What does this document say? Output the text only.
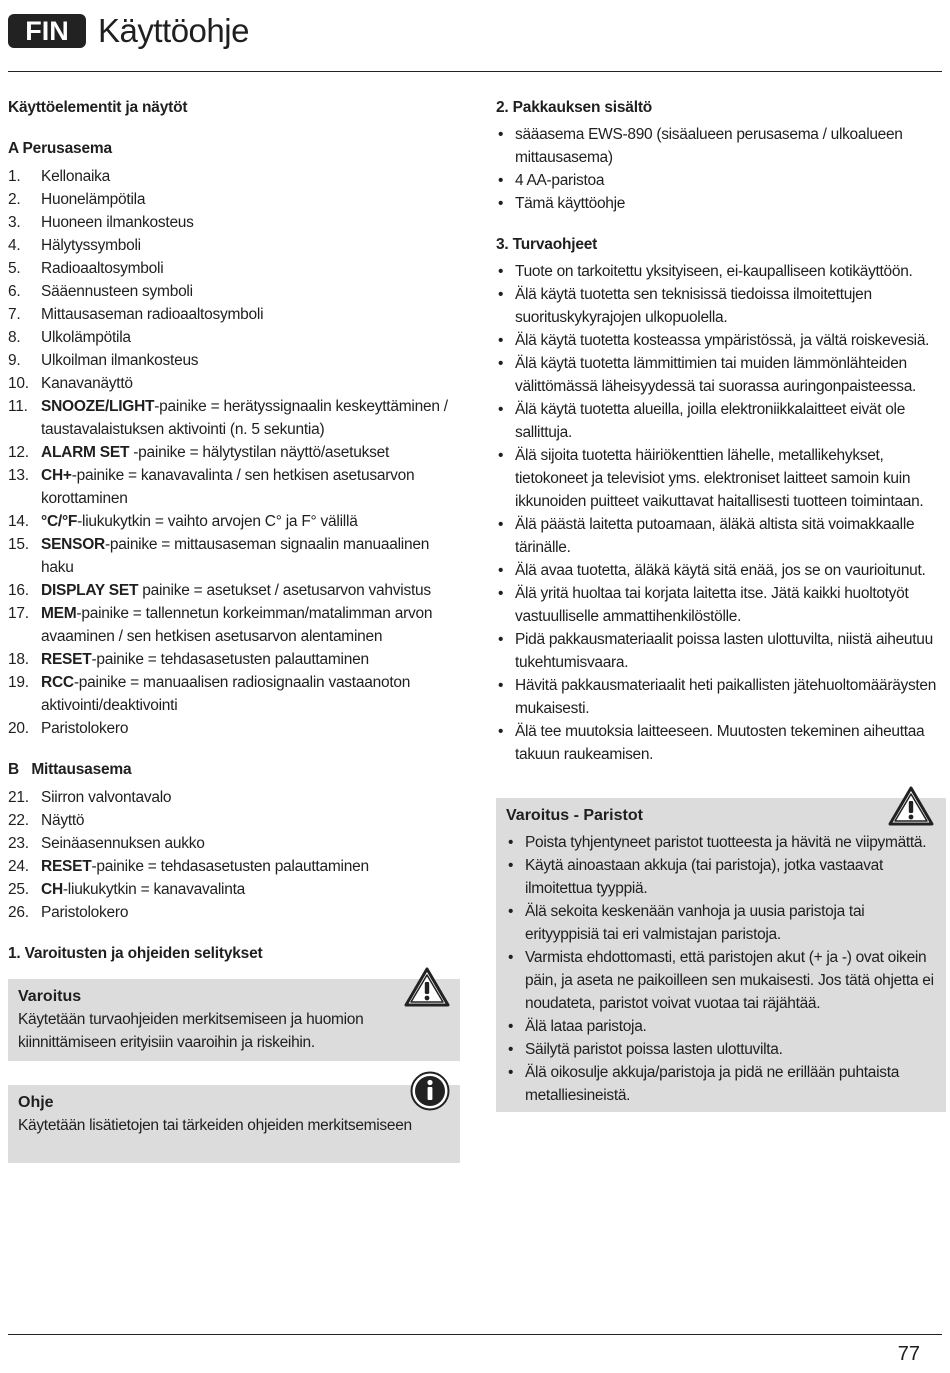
FIN Käyttöohje
Käyttöelementit ja näytöt
A Perusasema
1. Kellonaika
2. Huonelämpötila
3. Huoneen ilmankosteus
4. Hälytyssymboli
5. Radioaaltosymboli
6. Sääennusteen symboli
7. Mittausaseman radioaaltosymboli
8. Ulkolämpötila
9. Ulkoilman ilmankosteus
10. Kanavanäyttö
11. SNOOZE/LIGHT-painike = herätyssignaalin keskeyttäminen / taustavalaistuksen aktivointi (n. 5 sekuntia)
12. ALARM SET -painike = hälytystilan näyttö/asetukset
13. CH+-painike = kanavavalinta / sen hetkisen asetusarvon korottaminen
14. °C/°F-liukukytkin = vaihto arvojen C° ja F° välillä
15. SENSOR-painike = mittausaseman signaalin manuaalinen haku
16. DISPLAY SET painike = asetukset / asetusarvon vahvistus
17. MEM-painike = tallennetun korkeimman/matalimman arvon avaaminen / sen hetkisen asetusarvon alentaminen
18. RESET-painike = tehdasasetusten palauttaminen
19. RCC-painike = manuaalisen radiosignaalin vastaanoton aktivointi/deaktivointi
20. Paristolokero
B   Mittausasema
21. Siirron valvontavalo
22. Näyttö
23. Seinäasennuksen aukko
24. RESET-painike = tehdasasetusten palauttaminen
25. CH-liukukytkin = kanavavalinta
26. Paristolokero
1. Varoitusten ja ohjeiden selitykset
Varoitus
Käytetään turvaohjeiden merkitsemiseen ja huomion kiinnittämiseen erityisiin vaaroihin ja riskeihin.
Ohje
Käytetään lisätietojen tai tärkeiden ohjeiden merkitsemiseen
2. Pakkauksen sisältö
• sääasema EWS-890 (sisäalueen perusasema / ulkoalueen mittausasema)
• 4 AA-paristoa
• Tämä käyttöohje
3. Turvaohjeet
• Tuote on tarkoitettu yksityiseen, ei-kaupalliseen kotikäyttöön.
• Älä käytä tuotetta sen teknisissä tiedoissa ilmoitettujen suorituskykyrajojen ulkopuolella.
• Älä käytä tuotetta kosteassa ympäristössä, ja vältä roiskevesiä.
• Älä käytä tuotetta lämmittimien tai muiden lämmönlähteiden välittömässä läheisyydessä tai suorassa auringonpaisteessa.
• Älä käytä tuotetta alueilla, joilla elektroniikkalaitteet eivät ole sallittuja.
• Älä sijoita tuotetta häiriökenttien lähelle, metallikehykset, tietokoneet ja televisiot yms. elektroniset laitteet samoin kuin ikkunoiden puitteet vaikuttavat haitallisesti tuotteen toimintaan.
• Älä päästä laitetta putoamaan, äläkä altista sitä voimakkaalle tärinälle.
• Älä avaa tuotetta, äläkä käytä sitä enää, jos se on vaurioitunut.
• Älä yritä huoltaa tai korjata laitetta itse. Jätä kaikki huoltotyöt vastuulliselle ammattihenkilöstölle.
• Pidä pakkausmateriaalit poissa lasten ulottuvilta, niistä aiheutuu tukehtumisvaara.
• Hävitä pakkausmateriaalit heti paikallisten jätehuoltomääräysten mukaisesti.
• Älä tee muutoksia laitteeseen. Muutosten tekeminen aiheuttaa takuun raukeamisen.
Varoitus - Paristot
• Poista tyhjentyneet paristot tuotteesta ja hävitä ne viipymättä.
• Käytä ainoastaan akkuja (tai paristoja), jotka vastaavat ilmoitettua tyyppiä.
• Älä sekoita keskenään vanhoja ja uusia paristoja tai erityyppisiä tai eri valmistajan paristoja.
• Varmista ehdottomasti, että paristojen akut (+ ja -) ovat oikein päin, ja aseta ne paikoilleen sen mukaisesti. Jos tätä ohjetta ei noudateta, paristot voivat vuotaa tai räjähtää.
• Älä lataa paristoja.
• Säilytä paristot poissa lasten ulottuvilta.
• Älä oikosulje akkuja/paristoja ja pidä ne erillään puhtaista metalliesineistä.
77
